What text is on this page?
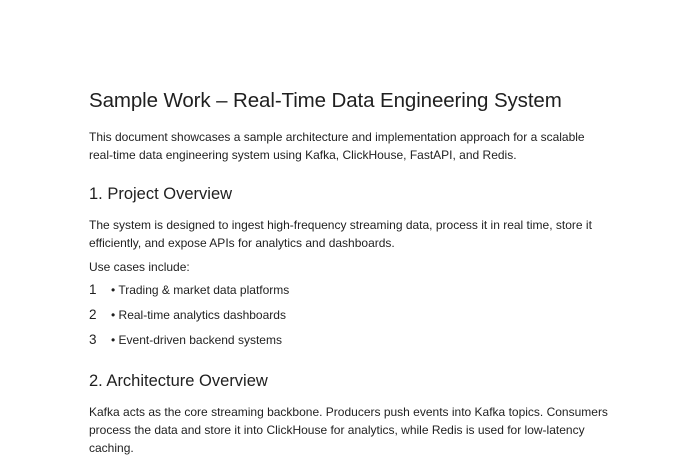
Sample Work – Real-Time Data Engineering System

This document showcases a sample architecture and implementation approach for a scalable
real-time data engineering system using Kafka, ClickHouse, FastAPI, and Redis.

1. Project Overview

The system is designed to ingest high-frequency streaming data, process it in real time, store it
efficiently, and expose APIs for analytics and dashboards.

Use cases include:

1	• Trading & market data platforms
2	• Real-time analytics dashboards
3	• Event-driven backend systems
2. Architecture Overview

Kafka acts as the core streaming backbone. Producers push events into Kafka topics. Consumers
process the data and store it into ClickHouse for analytics, while Redis is used for low-latency
caching.
